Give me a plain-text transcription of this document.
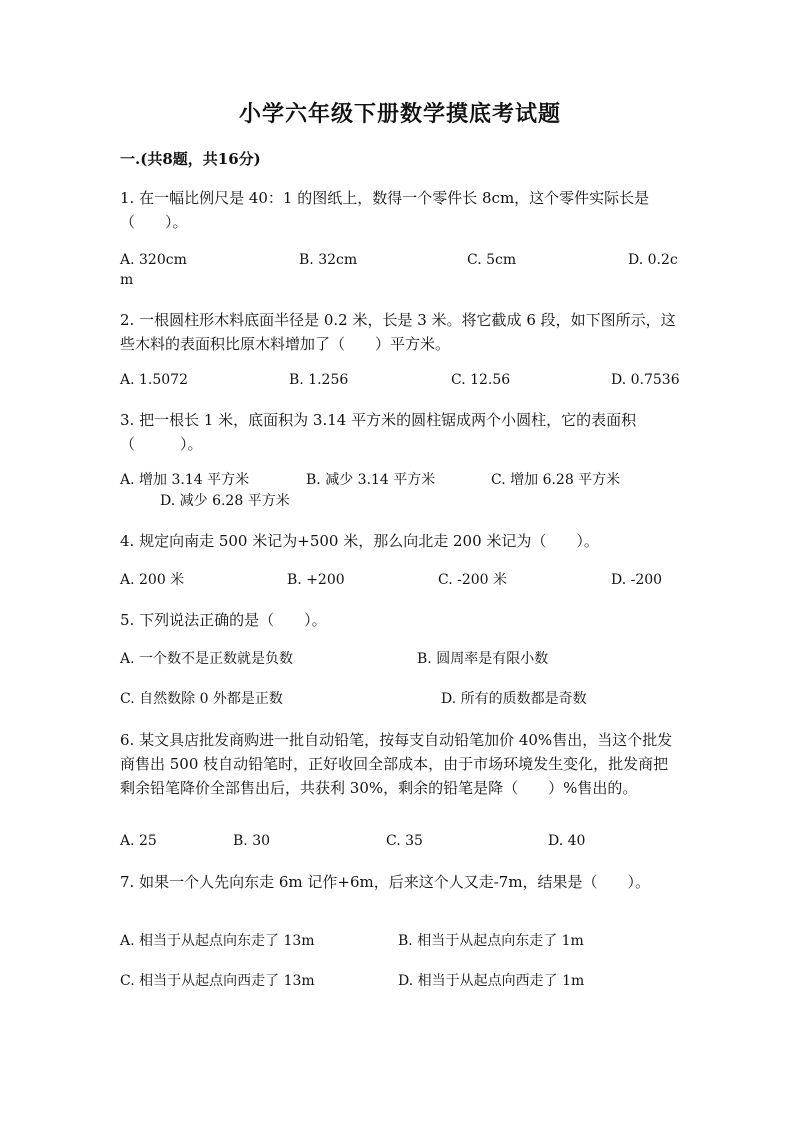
小学六年级下册数学摸底考试题
一.(共8题，共16分)
1. 在一幅比例尺是 40：1 的图纸上，数得一个零件长 8cm，这个零件实际长是（　　）。
A. 320cm	B. 32cm	C. 5cm	D. 0.2c
m
2. 一根圆柱形木料底面半径是 0.2 米，长是 3 米。将它截成 6 段，如下图所示，这些木料的表面积比原木料增加了（　　）平方米。
A. 1.5072	B. 1.256	C. 12.56	D. 0.7536
3. 把一根长 1 米，底面积为 3.14 平方米的圆柱锯成两个小圆柱，它的表面积（　　　）。
A. 增加 3.14 平方米	B. 减少 3.14 平方米	C. 增加 6.28 平方米
D. 减少 6.28 平方米
4. 规定向南走 500 米记为+500 米，那么向北走 200 米记为（　　）。
A. 200 米	B. +200	C. -200 米	D. -200
5. 下列说法正确的是（　　）。
A. 一个数不是正数就是负数	B. 圆周率是有限小数
C. 自然数除 0 外都是正数	D. 所有的质数都是奇数
6. 某文具店批发商购进一批自动铅笔，按每支自动铅笔加价 40%售出，当这个批发商售出 500 枝自动铅笔时，正好收回全部成本，由于市场环境发生变化，批发商把剩余铅笔降价全部售出后，共获利 30%，剩余的铅笔是降（　　）%售出的。
A. 25	B. 30	C. 35	D. 40
7. 如果一个人先向东走 6m 记作+6m，后来这个人又走-7m，结果是（　　）。
A. 相当于从起点向东走了 13m	B. 相当于从起点向东走了 1m
C. 相当于从起点向西走了 13m	D. 相当于从起点向西走了 1m
